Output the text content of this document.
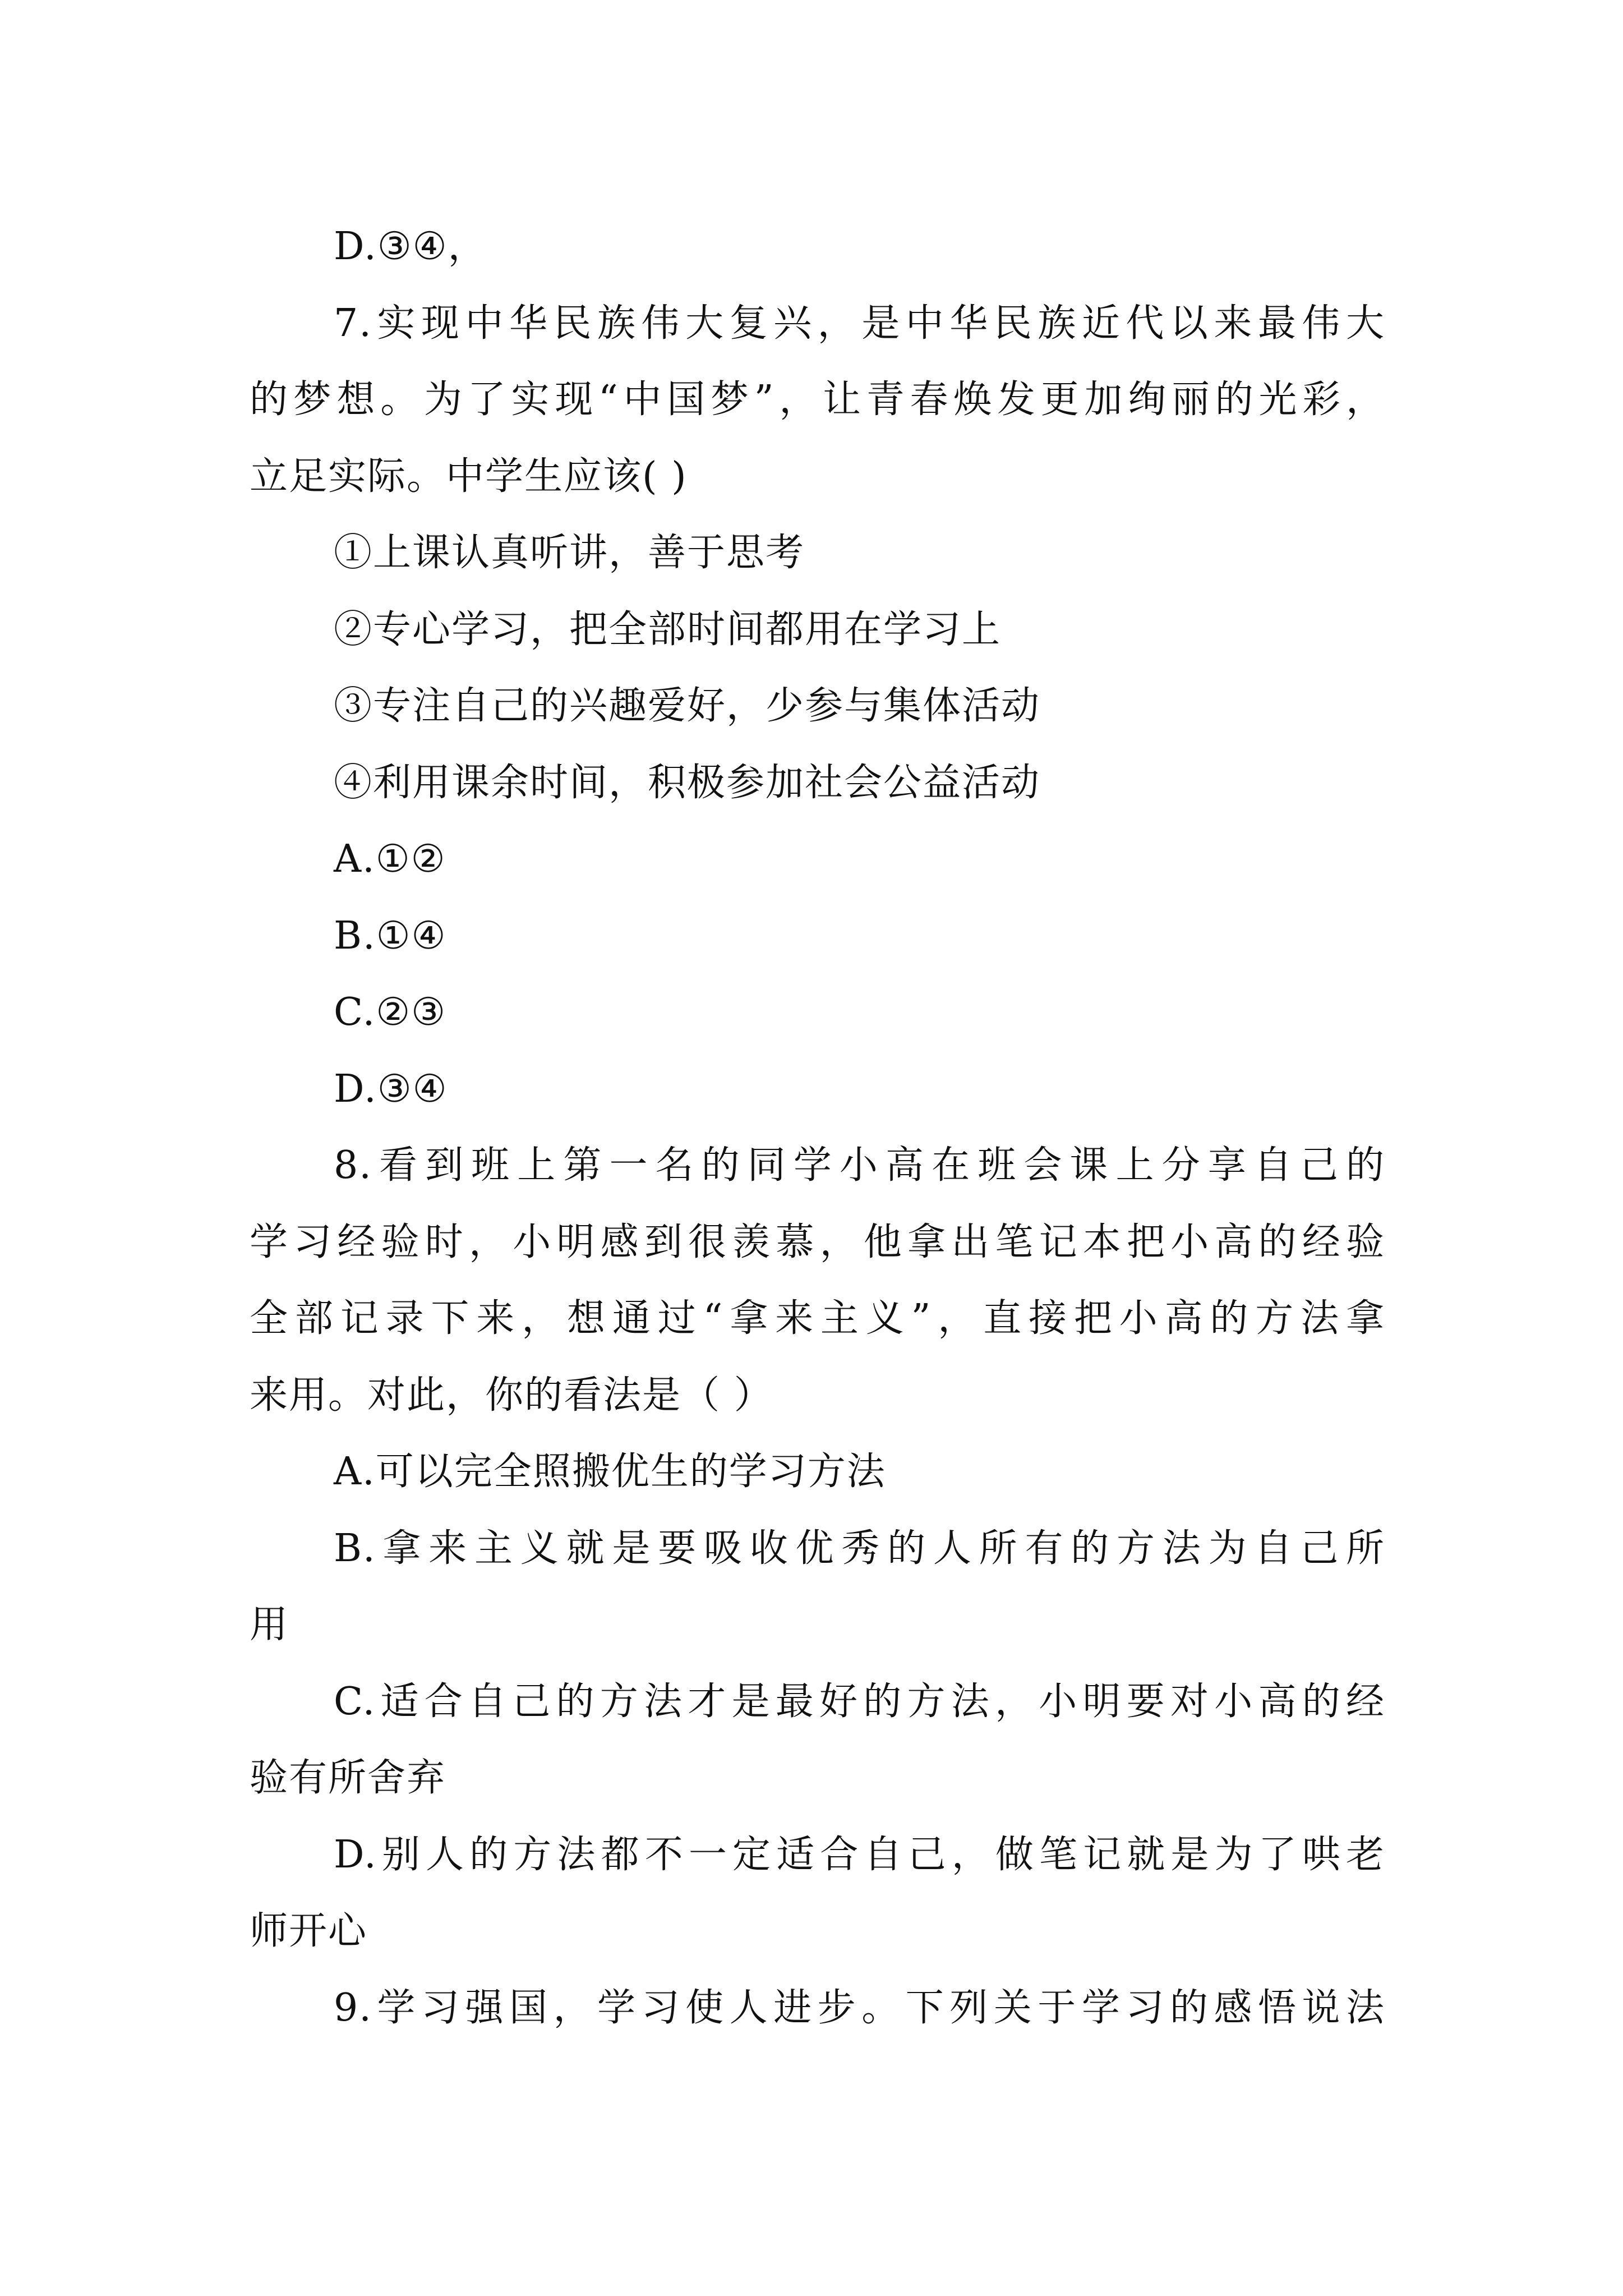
D.③④，
7.实现中华民族伟大复兴，是中华民族近代以来最伟大
的梦想。为了实现“中国梦”，让青春焕发更加绚丽的光彩，
立足实际。中学生应该( )
①上课认真听讲，善于思考
②专心学习，把全部时间都用在学习上
③专注自己的兴趣爱好，少参与集体活动
④利用课余时间，积极参加社会公益活动
A.①②
B.①④
C.②③
D.③④
8.看到班上第一名的同学小高在班会课上分享自己的
学习经验时，小明感到很羡慕，他拿出笔记本把小高的经验
全部记录下来，想通过“拿来主义”，直接把小高的方法拿
来用。对此，你的看法是（ ）
A.可以完全照搬优生的学习方法
B.拿来主义就是要吸收优秀的人所有的方法为自己所
用
C.适合自己的方法才是最好的方法，小明要对小高的经
验有所舍弃
D.别人的方法都不一定适合自己，做笔记就是为了哄老
师开心
9.学习强国，学习使人进步。下列关于学习的感悟说法
